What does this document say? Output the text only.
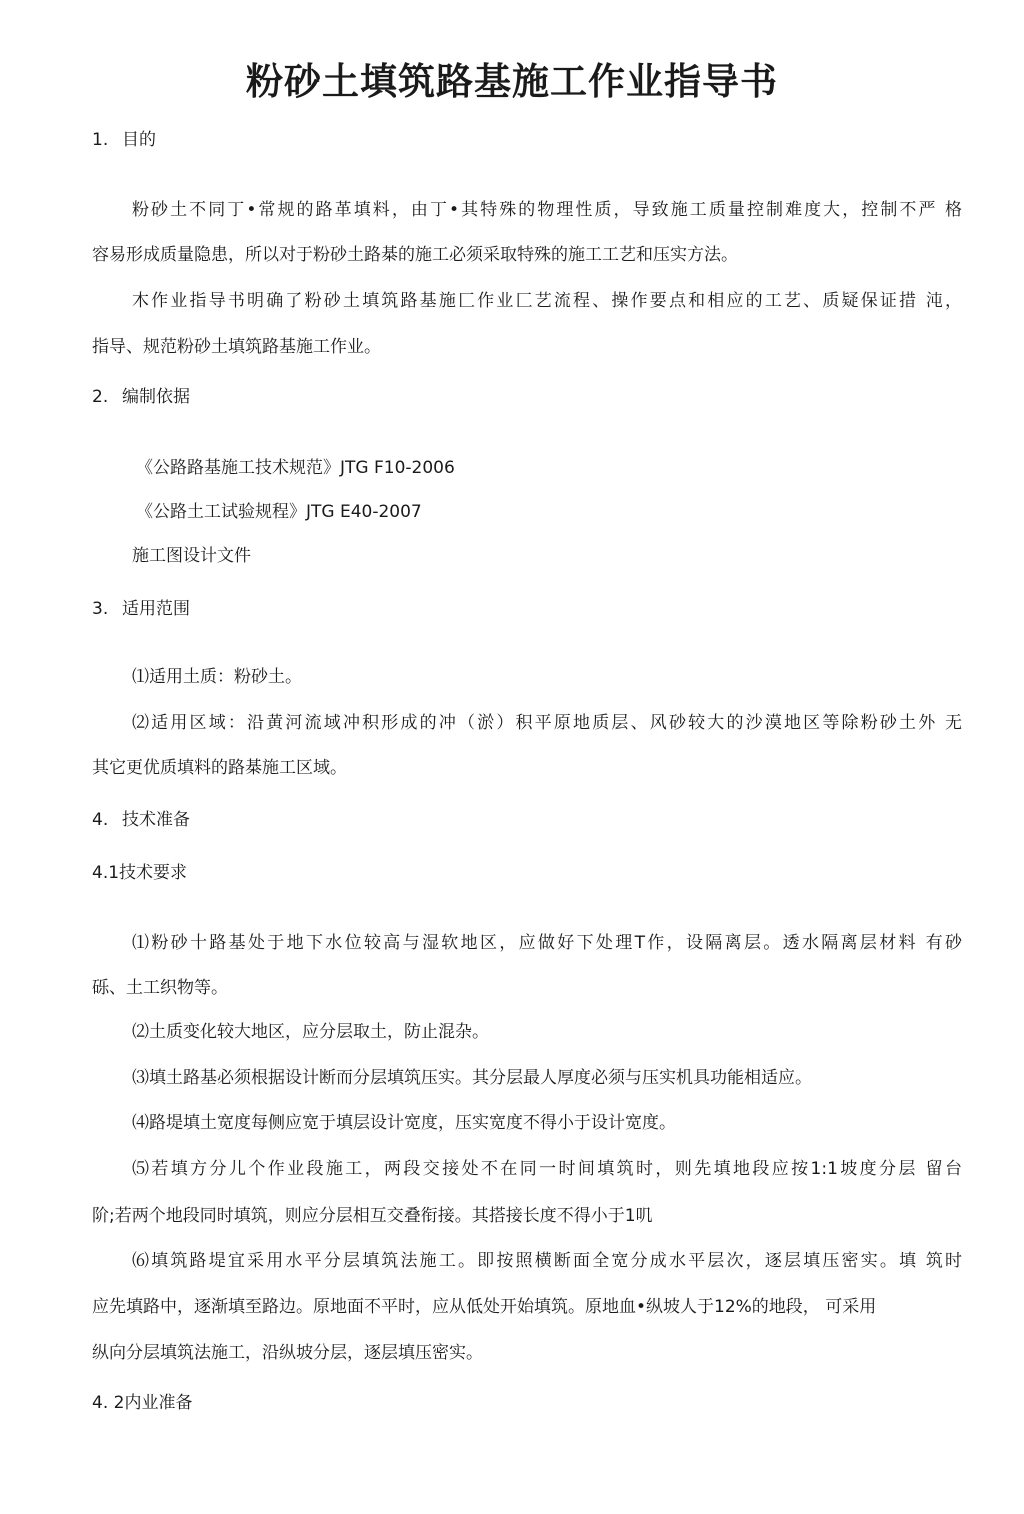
粉砂土填筑路基施工作业指导书
1. 目的
粉砂土不同丁•常规的路革填料，由丁•其特殊的物理性质，导致施工质量控制难度大，控制不严 格
容易形成质量隐患，所以对于粉砂土路棊的施工必须采取特殊的施工工艺和压实方法。
木作业指导书明确了粉砂土填筑路基施匚作业匚艺流程、操作要点和相应的工艺、质疑保证措 沌，
指导、规范粉砂土填筑路基施工作业。
2. 编制依据
《公路路基施工技术规范》JTG F10-2006
《公路土工试验规程》JTG E40-2007
施工图设计文件
3. 适用范围
⑴适用土质：粉砂土。
⑵适用区域：沿黄河流域冲积形成的冲（淤）积平原地质层、风砂较大的沙漠地区等除粉砂土外 无
其它更优质填料的路棊施工区域。
4. 技术准备
4.1技术要求
⑴粉砂十路基处于地下水位较高与湿软地区，应做好下处理T作，设隔离层。透水隔离层材料 有砂
砾、土工织物等。
⑵土质变化较大地区，应分层取土，防止混杂。
⑶填土路基必须根据设计断而分层填筑压实。其分层最人厚度必须与压实机具功能相适应。
⑷路堤填土宽度每侧应宽于填层设计宽度，压实宽度不得小于设计宽度。
⑸若填方分儿个作业段施工，两段交接处不在同一时间填筑时，则先填地段应按1:1坡度分层 留台
阶;若两个地段同时填筑，则应分层相互交叠衔接。其搭接长度不得小于1叽
⑹填筑路堤宜采用水平分层填筑法施工。即按照横断面全宽分成水平层次，逐层填压密实。填 筑时
应先填路中，逐渐填至路边。原地面不平时，应从低处开始填筑。原地血•纵坡人于12%的地段， 可采用
纵向分层填筑法施工，沿纵坡分层，逐层填压密实。
4. 2内业准备
